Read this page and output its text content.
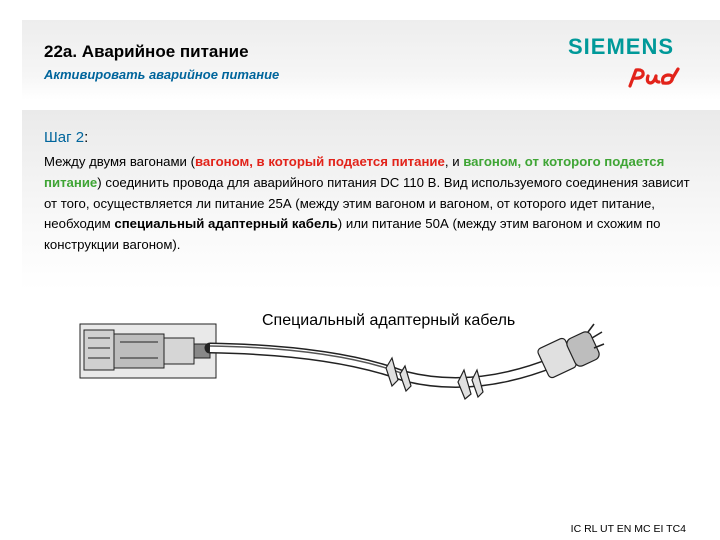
22а. Аварийное питание
Активировать аварийное питание
SIEMENS
Шаг 2:

Между двумя вагонами (вагоном, в который подается питание, и вагоном, от которого подается питание) соединить провода для аварийного питания DC 110 В. Вид используемого соединения зависит от того, осуществляется ли питание 25А (между этим вагоном и вагоном, от которого идет питание, необходим специальный адаптерный кабель) или питание 50А (между этим вагоном и схожим по конструкции вагоном).

Специальный адаптерный кабель
© Siemens AG 2012. Все права защищены
IC RL UT EN MC EI TC4
